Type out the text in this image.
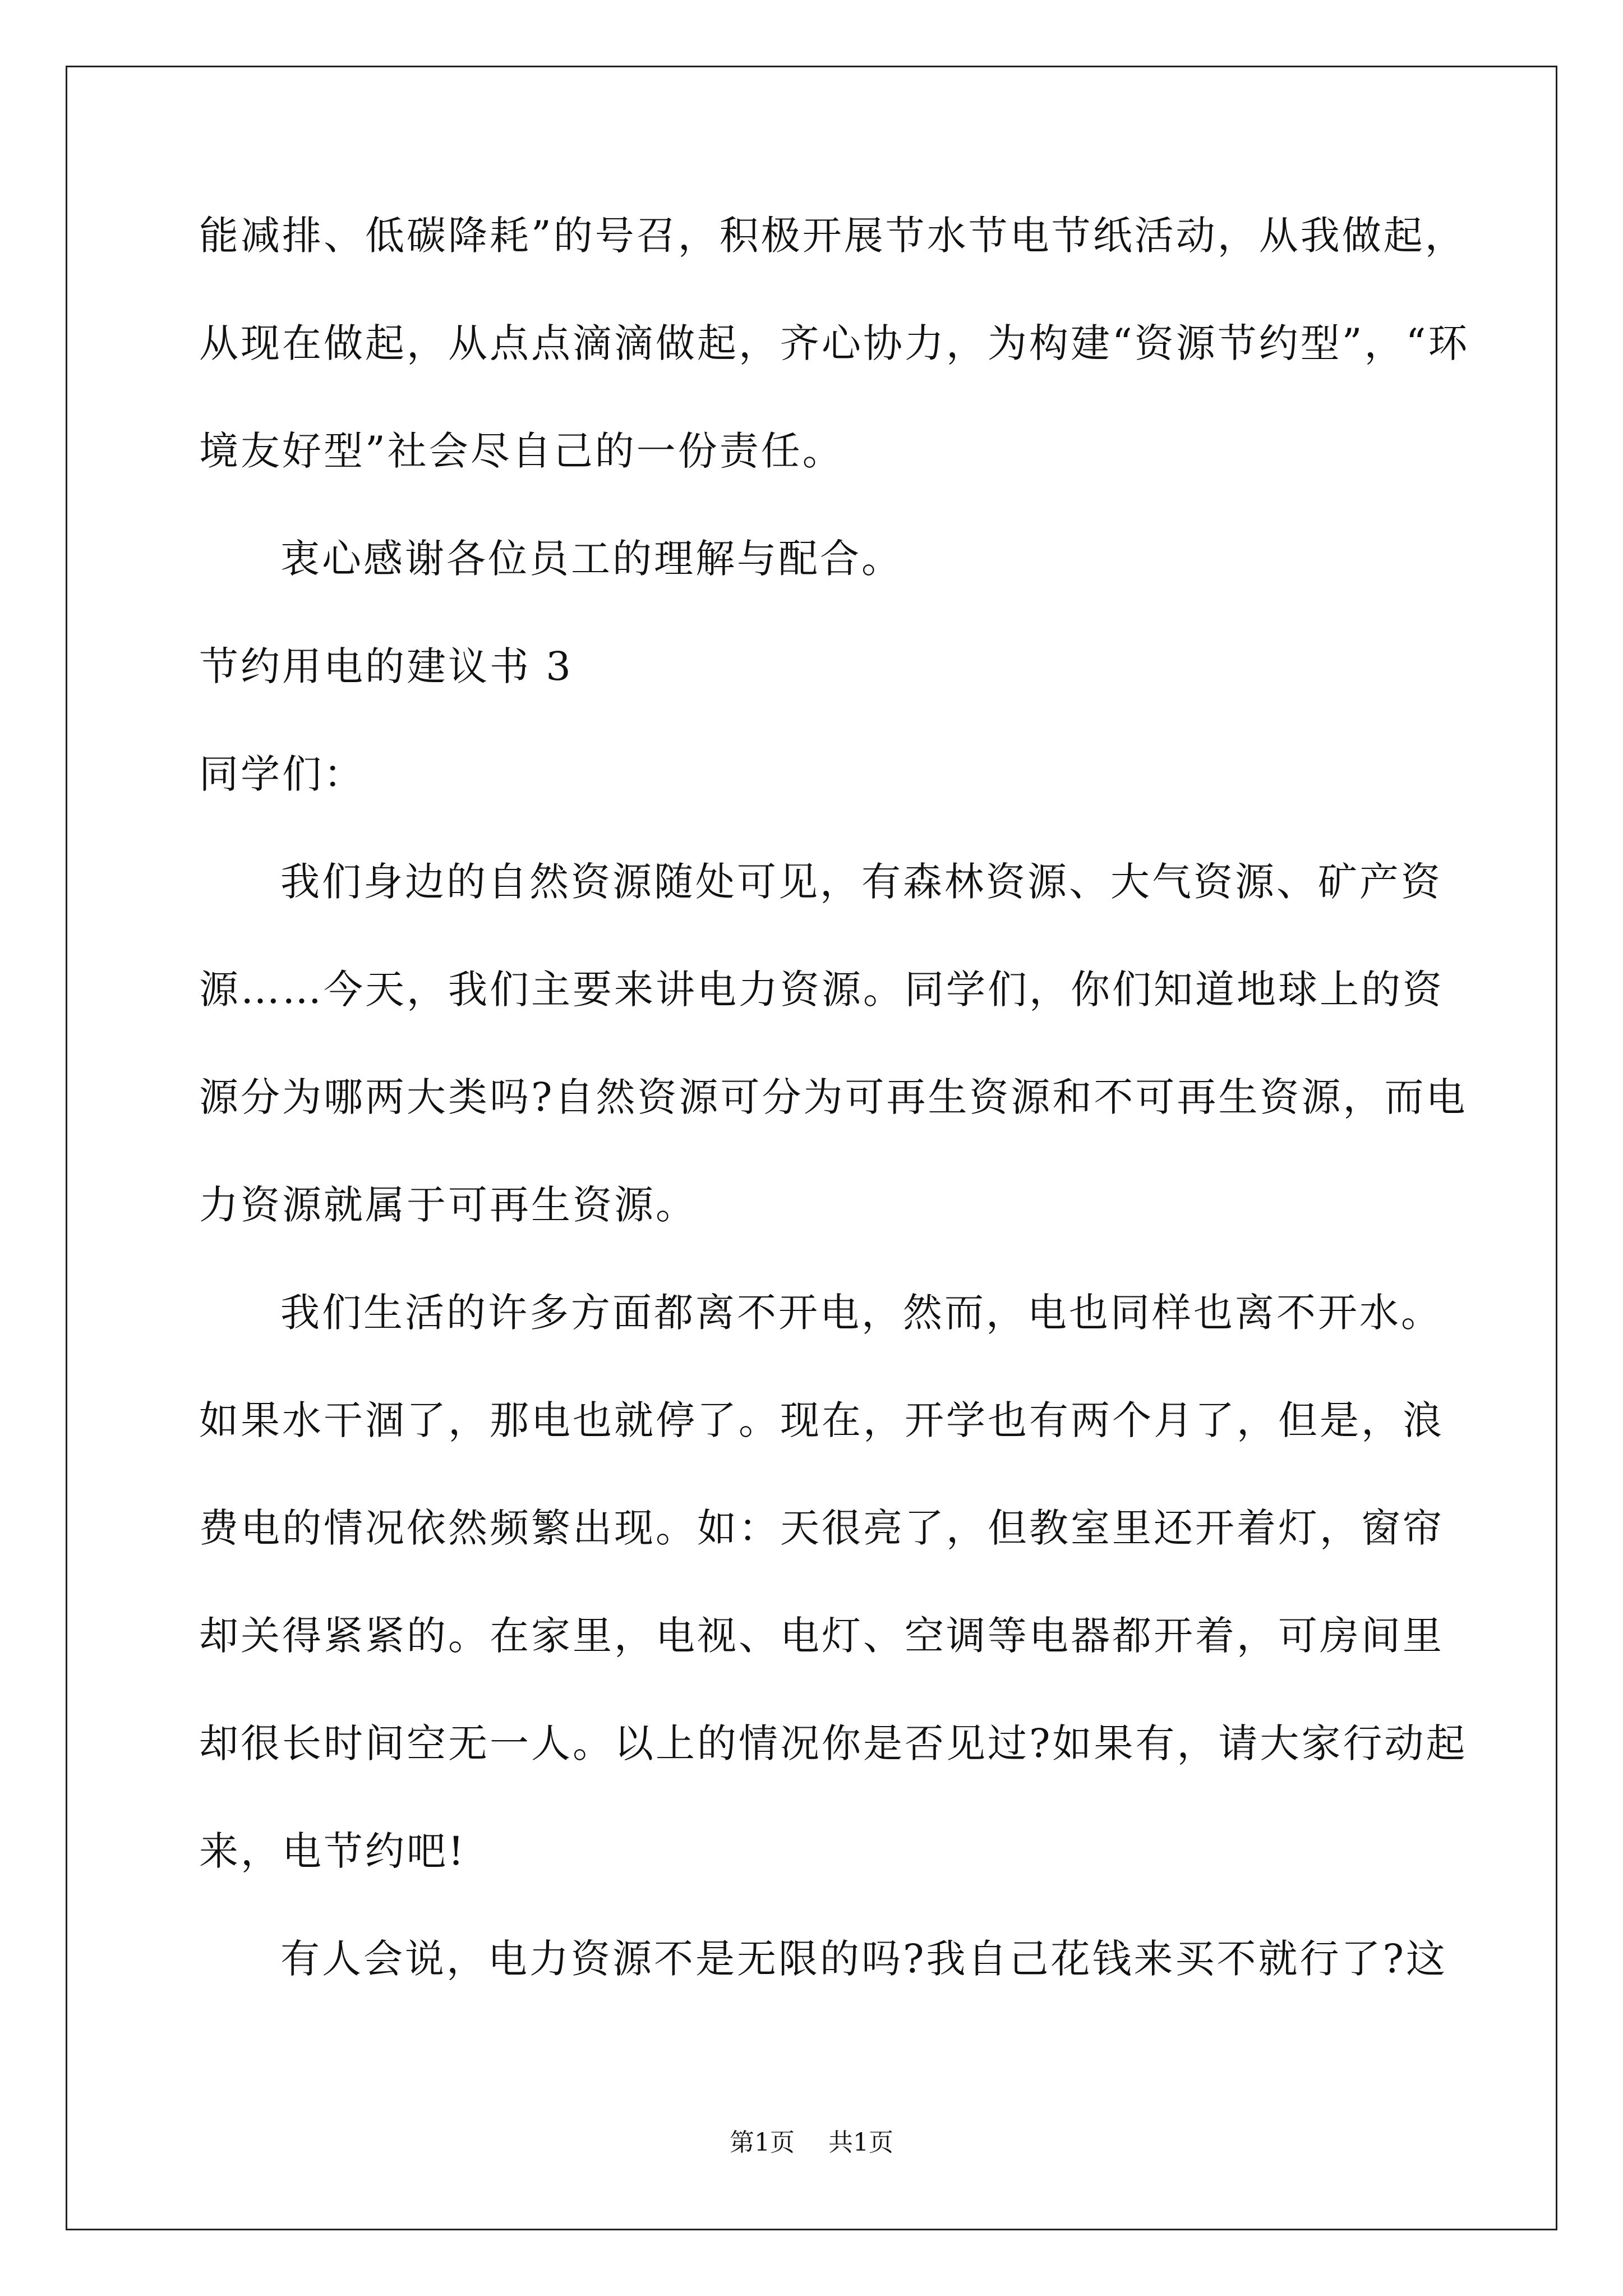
能减排、低碳降耗”的号召，积极开展节水节电节纸活动，从我做起，
从现在做起，从点点滴滴做起，齐心协力，为构建“资源节约型”，“环
境友好型”社会尽自己的一份责任。
衷心感谢各位员工的理解与配合。
节约用电的建议书 3
同学们：
我们身边的自然资源随处可见，有森林资源、大气资源、矿产资
源……今天，我们主要来讲电力资源。同学们，你们知道地球上的资
源分为哪两大类吗?自然资源可分为可再生资源和不可再生资源，而电
力资源就属于可再生资源。
我们生活的许多方面都离不开电，然而，电也同样也离不开水。
如果水干涸了，那电也就停了。现在，开学也有两个月了，但是，浪
费电的情况依然频繁出现。如：天很亮了，但教室里还开着灯，窗帘
却关得紧紧的。在家里，电视、电灯、空调等电器都开着，可房间里
却很长时间空无一人。以上的情况你是否见过?如果有，请大家行动起
来，电节约吧!
有人会说，电力资源不是无限的吗?我自己花钱来买不就行了?这
第1页 共1页
